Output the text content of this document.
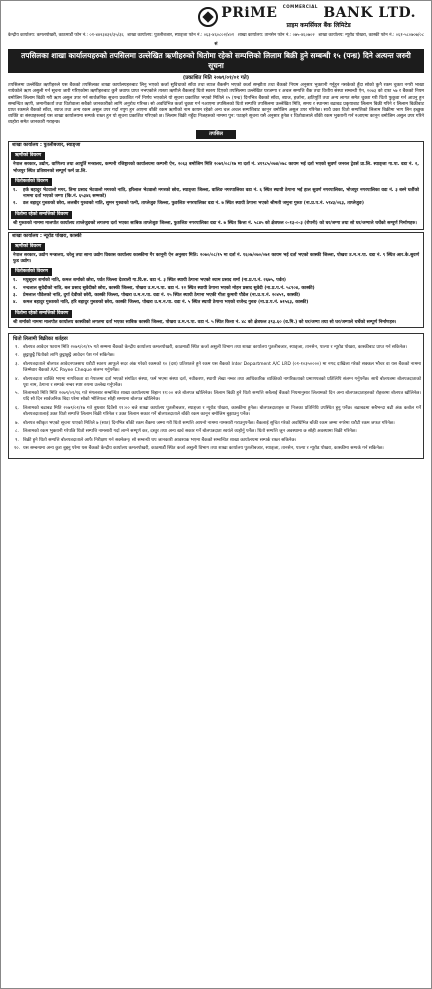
PRiME $^{COMMERCIAL}$ BANK LTD.
प्राइम कमर्सियल बैंक लिमिटेड
केन्द्रीय कार्यालय: कमलपोखरी, काठमाडौं फोन नं.: ०१-४४२३४३२/३५/३६ शाखा कार्यालय: पुतलीबजार, स्याङ्जा फोन नं.: ०६३-४६०८०२/४०१ शाखा कार्यालय: तानसेन फोन नं.: ०७५-४६०७०२ शाखा कार्यालय: न्यूरोड पोखरा, कास्की फोन नं.: ०६१-५८०७०७/०८
सं
तपसिलका शाखा कार्यालयहरुको तपसिलमा उल्लेखित ऋणीहरुको धितोमा रहेको सम्पत्तिको लिलाम बिक्री हुने सम्बन्धी १५ (पन्ध्र) दिने अत्यन्त जरुरी सूचना
(प्रकाशित मिति २०७९/०१/०१ गते)
तपसिलमा उल्लेखित ऋणीहरुले यस बैंकको तपसिलका शाखा कार्यालयहरुबाट लिनु भएको कर्जा सुविधाको साँवा तथा ब्याज बैंकसँग भएको कर्जा सम्झौता तथा बैंकको नियम अनुसार भुक्तानी गर्नुहुन नसकेको हुँदा सोको कुनै रकम चुक्ता नगरी भाखा नाघेकोले ऋण असुली गर्न सूचना जारी गरिएकोमा ऋणीहरुबाट कुनै जवाफ प्राप्त नभएकोले त्यस्ता ऋणीले बैंकलाई धितो स्वरुप दिएको तपसिलमा उल्लेखित घरजग्गा र अचल सम्पत्ति बैंक तथा वित्तीय संस्था सम्बन्धी ऐन, २०७३ को दफा ५७ र बैंकको नियम बमोजिम लिलाम बिक्री गरी ऋण असुल उपर गर्न सार्वजनिक सूचना प्रकाशित गर्ने निर्णय भएकोले यो सूचना प्रकाशित भएको मितिले १५ (पन्ध्र) दिनभित्र बैंकको साँवा, ब्याज, हर्जाना, क्षतिपूर्ति तथा अन्य लागत समेत चुक्ता गरी धितो फुकुवा गर्न आउनु हुन सम्बन्धित ऋणी, जमानीकर्ता तथा धितोवाला सबैको जानकारीको लागि अनुरोध गरिन्छ। सो अवधिभित्र कर्जा चुक्ता गर्न नआएमा तपसिलको धितो सम्पत्ति तपसिलमा उल्लेखित मिति, समय र स्थानमा बढाबढ प्रकृयाबाट लिलाम बिक्री गरिने र लिलाम बिक्रीबाट प्राप्त रकमले बैंकको साँवा, ब्याज तथा अन्य रकम असुल उपर गर्दा नपुग हुन आएमा बाँकी रकम ऋणीको नाम कायम रहेको अन्य चल अचल सम्पत्तिबाट कानून बमोजिम असुल उपर गरिनेछ। साथै उक्त धितो सम्पत्तिको लिलाम बिक्रीमा भाग लिन इच्छुक व्यक्ति वा संस्थाहरुलाई यस शाखा कार्यालयमा सम्पर्क राख्न हुन यो सूचना प्रकाशित गरिएको छ। लिलाम बिक्री नहुँदा निजहरुको नाममा पुन: पठाइने सूचना यसै अनुसार हुनेछ र धितोवालाले बाँकी रकम भुक्तानी गर्न नआएमा कानून बमोजिम असुल उपर गरिने व्यहोरा समेत जानकारी गराइन्छ।
तपसिल
शाखा कार्यालय : पुतलीबजार, स्याङ्जा
ऋणीको विवरण
नेपाल सरकार, उद्योग, वाणिज्य तथा आपूर्ति मन्त्रालय, कम्पनी रजिष्ट्रारको कार्यालयमा कम्पनी ऐन, २०६३ बमोजिम मिति २०७१/०८/१७ मा दर्ता नं. ४१९८५/०७४/०७८ कायम भई दर्ता भएको सुवर्ण जनरल ट्रेडर्स प्रा.लि. स्याङ्जा गा.पा. वडा नं. २, भोजपुर स्थित प्रतिष्ठानको सम्पूर्ण फर्म प्रा.लि.
धितोकर्ताको विवरण
१.	हर्क बहादुर भेटवालो मगर, तिमा प्रसाद भेटवालो मगरको नाति, हरिलाल भेटवालो मगरको छोरा, स्याङ्जा जिल्ला, वालिङ नगरपालिका वडा नं. ६ स्थित स्थायी ठेगाना भई हाल सुवर्ण नगरपालिका, भोजपुर नगरपालिका वडा नं. ३ बस्ने घर्तीको नाममा दर्ता भएको जग्गा (कि.नं. ६५३४६ सम्मको)
२.	डल बहादुर गुरुङको छोरा, ललबीर गुरुङको नाति, सुमन गुरुङको पत्नी, ताप्लेजुङ जिल्ला, फुङलिङ नगरपालिका वडा नं. ७ स्थित स्थायी ठेगाना भएको श्रीमती जमुना गुरुङ (ना.प्र.प.नं. ५९४३/०६३, ताप्लेजुङ)
धितोमा रहेको सम्पत्तिको विवरण
श्री गुरुङको नाममा मालपोत कार्यालय ताप्लेजुङको लगतमा दर्ता भएका साबिक ताप्लेजुङ जिल्ला, फुङलिङ नगरपालिका वडा नं. ७ स्थित कित्ता नं. ५८४५ को क्षेत्रफल ०-१३-०-३ (रोपनी) को घर/जग्गा तथा सो घर/जग्गाले चर्चेको सम्पूर्ण निर्माणहरु।
शाखा कार्यालय : न्यूरोड पोखरा, कास्की
ऋणीको विवरण
नेपाल सरकार, उद्योग मन्त्रालय, घरेलु तथा साना उद्योग विकास कार्यालय कास्कीमा गैर कानूनी ऐन अनुसार मिति: २०७०/०८/१५ मा दर्ता नं. १६०७/०७०/०७१ कायम भई दर्ता भएको कास्की जिल्ला, पोखरा उ.म.न.पा. वडा नं. ९ स्थित आर.के.सुवर्ण फुड उद्योग।
धितोकर्ताको विवरण
१.	मधुसूदन शर्माको नाति, कमल शर्माको छोरा, पर्वत जिल्ला देउराली गा.वि.स. वडा नं. ३ स्थित स्थायी ठेगाना भएको श्याम प्रसाद शर्मा (ना.प्र.प.नं. २६७५, पर्वत)
२.	नन्दलाल सुवेदीको नाति, बल प्रसाद सुवेदीको छोरा, कास्की जिल्ला, पोखरा उ.म.न.पा. वडा नं. १२ स्थित स्थायी ठेगाना भएको मोहन प्रसाद सुवेदी (ना.प्र.प.नं. ५८९०४, कास्की)
३.	प्रेमलाल पौडेलको नाति, दुर्गा देवीको छोरी, कास्की जिल्ला, पोखरा उ.म.न.पा. वडा नं. १५ स्थित स्थायी ठेगाना भएकी गीता कुमारी पौडेल (ना.प्र.प.नं. २०४५९, कास्की)
४.	कमल बहादुर गुरुङको नाति, हरि बहादुर गुरुङको छोरा, कास्की जिल्ला, पोखरा उ.म.न.पा. वडा नं. ५ स्थित स्थायी ठेगाना भएको राजेन्द्र गुरुङ (ना.प्र.प.नं. ७१५६३, कास्की)
धितोमा रहेको सम्पत्तिको विवरण
श्री शर्माको नाममा मालपोत कार्यालय कास्कीको लगतमा दर्ता भएका साबिक कास्की जिल्ला, पोखरा उ.म.न.पा. वडा नं. ५ स्थित कित्ता नं. ४८ को क्षेत्रफल ३९३.६० (व.मि.) को घर/जग्गा तथा सो घर/जग्गाले चर्चेको सम्पूर्ण निर्माणहरु।
धितो लिलामी बिक्रीका शर्तहरुः
१. बोलपत्र आवेदन फाराम मिति २०७९/०१/१५ गते सम्ममा बैंकको केन्द्रीय कार्यालय कमलपोखरी, काठमाडौं स्थित कर्जा असुली विभाग तथा शाखा कार्यालय पुतलीबजार, स्याङ्जा, तानसेन, पाल्पा र न्यूरोड पोखरा, कास्कीबाट प्राप्त गर्न सकिनेछ।
२. छुट्टाछुट्टै धितोको लागि छुट्टाछुट्टै आवेदन पेश गर्न सकिनेछ।
३. बोलपत्रदाताले बोलपत्र आवेदनपत्रसाथ धरौटी स्वरुप आफूले सदर अंक गरेको रकमको १० (दश) प्रतिशतले हुने रकम यस बैंकको Inter Department A/C LRD (०१-१०३५००००) मा नगद दाखिला गरेको सक्कल भौचर वा यस बैंकको नाममा जिम्मेवार बैंकको A/C Payee Cheque संलग्न गर्नुपर्नेछ।
४. बोलपत्रदाता व्यक्ति भएमा नागरिकता वा नेपालमा दर्ता भएको संगठित संस्था, फर्म भएमा संस्था दर्ता, नवीकरण, स्थायी लेखा नम्बर तथा आधिकारिक व्यक्तिको नागरिकताको प्रमाणपत्रको प्रतिलिपि संलग्न गर्नुपर्नेछ। साथै बोलपत्रमा बोलपत्रदाताको पूरा नाम, ठेगाना र सम्पर्क नम्बर स्पष्ट रुपमा उल्लेख गर्नुपर्नेछ।
५. लिलामको मिति मिति २०७९/०१/१६ गते मंगलबार सम्बन्धित शाखा कार्यालयमा बिहान ११:०० बजे बोलपत्र खोलिनेछ। लिलाम बिक्री हुने धितो सम्पत्ति सबैलाई बैंकको नियमानुसार लिलामको दिन अन्य बोलपत्रदाताहरुको रोहबरमा बोलपत्र खोलिनेछ। यदि सो दिन सार्वजनिक बिदा परेमा सोको भोलिपल्ट सोही समयमा बोलपत्र खोलिनेछ।
६. लिलामको बढाबढ मिति २०७९/०१/१७ गते बुधबार दिउँसो ११:०० बजे शाखा कार्यालय पुतलीबजार, स्याङ्जा र न्यूरोड पोखरा, कास्कीमा हुनेछ। बोलपत्रदाताहरु वा निजका प्रतिनिधि उपस्थित हुनु पर्नेछ। बढाबढमा सबैभन्दा बढी अंक कबोल गर्ने बोलपत्रदातालाई उक्त धितो सम्पत्ति लिलाम बिक्री गरिनेछ र उक्त लिलाम सकार गर्ने बोलपत्रदाताले बाँकी रकम कानून बमोजिम बुझाउनु पर्नेछ।
७. बोलपत्र स्वीकृत भएको सूचना पाएको मितिले ७ (सात) दिनभित्र बाँकी रकम बैंकमा जम्मा गरी धितो सम्पत्ति आफ्नो नाममा नामसारी गराउनुपर्नेछ। बैंकलाई सूचित गरेको अवधिभित्र बाँकी रकम जम्मा नगरेमा धरौटी रकम जफत गरिनेछ।
८. लिलामको रकम भुक्तानी गरेपछि धितो सम्पत्ति नामसारी गर्दा लाग्ने सम्पूर्ण कर, दस्तुर तथा अन्य खर्च सकार गर्ने बोलपत्रदाता स्वयंले व्यहोर्नु पर्नेछ। धितो सम्पत्ति जुन अवस्थामा छ सोही अवस्थामा बिक्री गरिनेछ।
९. बिक्री हुने धितो सम्पत्ति बोलपत्रदाताले आफै निरीक्षण गर्न सक्नेछन्। सो सम्बन्धी थप जानकारी आवश्यक भएमा बैंकको सम्बन्धित शाखा कार्यालयमा सम्पर्क राख्न सकिनेछ।
१०. यस सम्बन्धमा अन्य कुरा बुझ्नु परेमा यस बैंकको केन्द्रीय कार्यालय कमलपोखरी, काठमाडौं स्थित कर्जा असुली विभाग तथा शाखा कार्यालय पुतलीबजार, स्याङ्जा, तानसेन, पाल्पा र न्यूरोड पोखरा, कास्कीमा सम्पर्क गर्न सकिनेछ।
